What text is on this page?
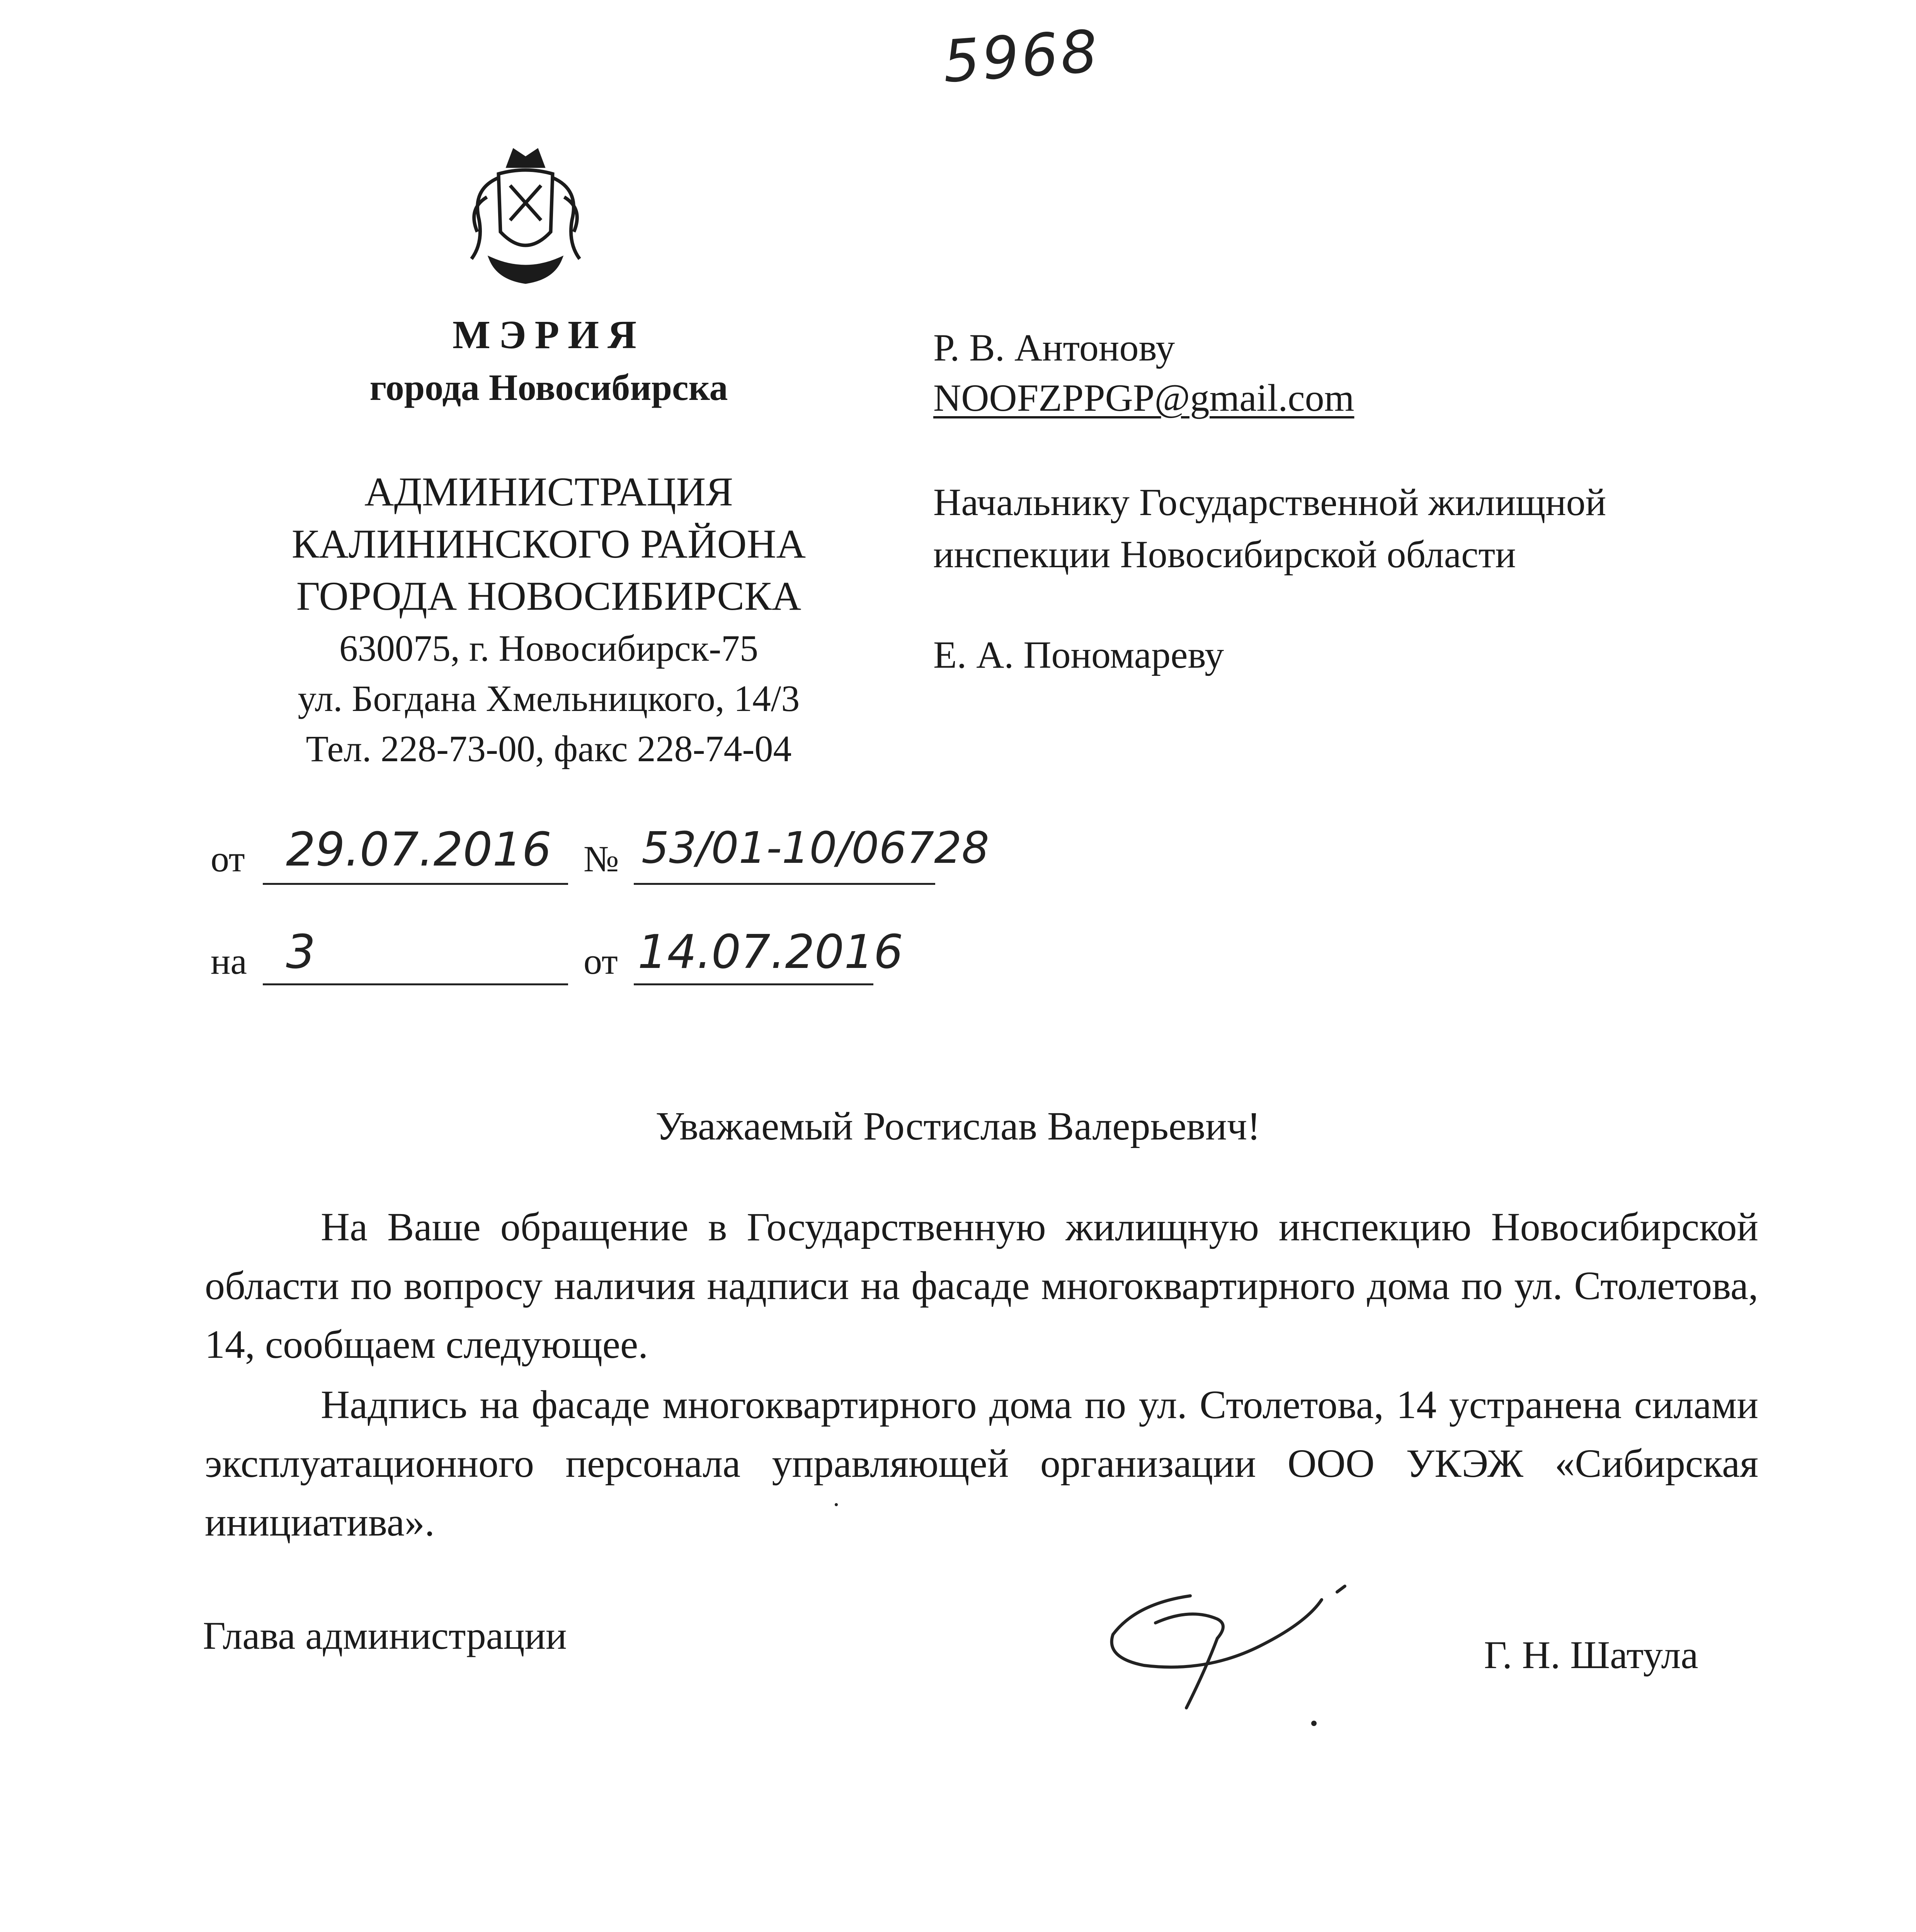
5968
МЭРИЯ
города Новосибирска
АДМИНИСТРАЦИЯ
КАЛИНИНСКОГО РАЙОНА
ГОРОДА НОВОСИБИРСКА
630075, г. Новосибирск-75
ул. Богдана Хмельницкого, 14/3
Тел. 228-73-00, факс 228-74-04
Р. В. Антонову
NOOFZPPGP@gmail.com
Начальнику Государственной жилищной
инспекции Новосибирской области
Е. А. Пономареву
от 29.07.2016 № 53/01-10/06728
на 3	от 14.07.2016
Уважаемый Ростислав Валерьевич!

На Ваше обращение в Государственную жилищную инспекцию Новосибирской области по вопросу наличия надписи на фасаде многоквартирного дома по ул. Столетова, 14, сообщаем следующее.

Надпись на фасаде многоквартирного дома по ул. Столетова, 14 устранена силами эксплуатационного персонала управляющей организации ООО УКЭЖ «Сибирская инициатива».

Глава администрации	Г. Н. Шатула
